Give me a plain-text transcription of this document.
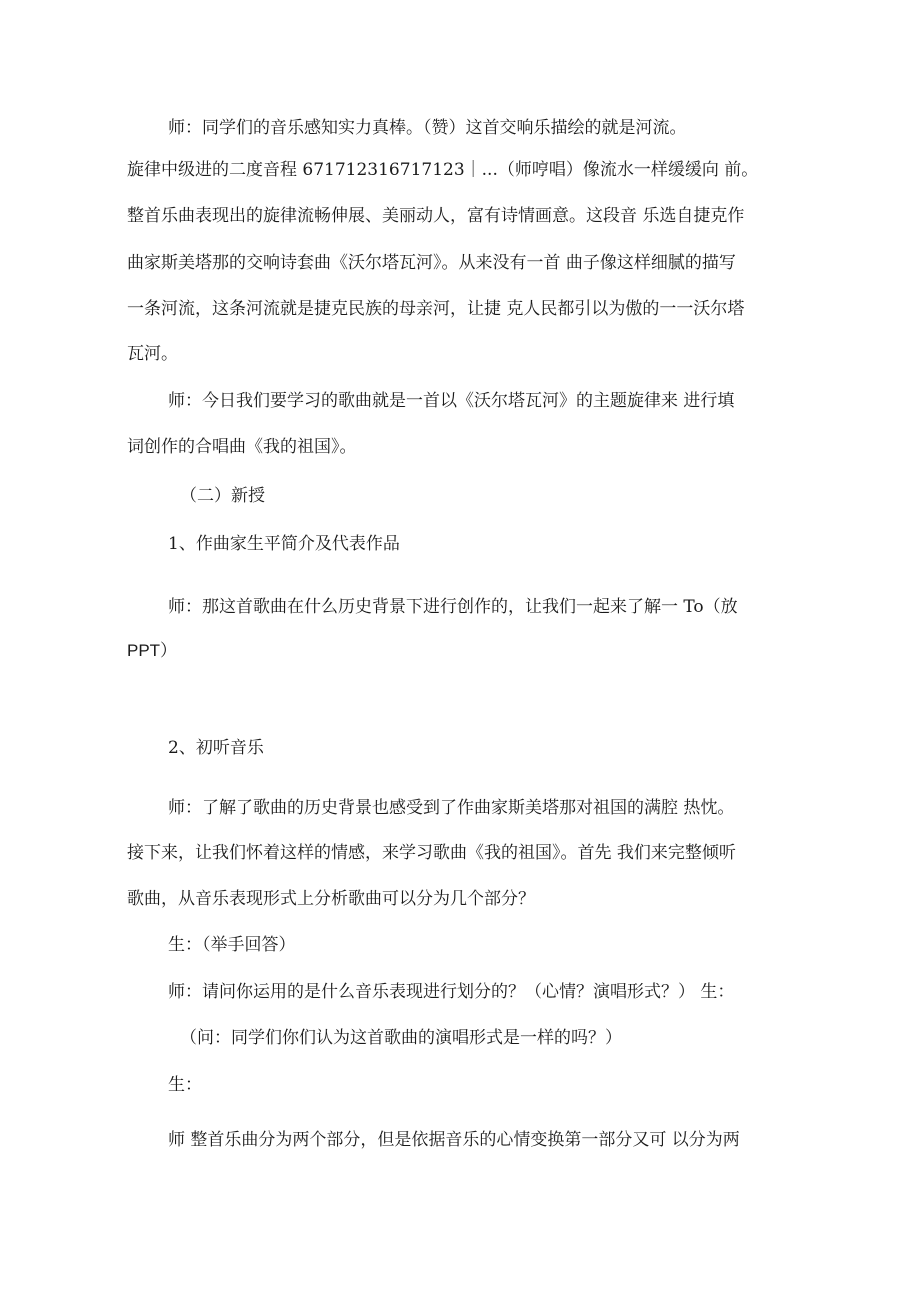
师：同学们的音乐感知实力真棒。（赞）这首交响乐描绘的就是河流。

旋律中级进的二度音程 671712316717123｜...（师哼唱）像流水一样缓缓向 前。

整首乐曲表现出的旋律流畅伸展、美丽动人，富有诗情画意。这段音 乐选自捷克作

曲家斯美塔那的交响诗套曲《沃尔塔瓦河》。从来没有一首 曲子像这样细腻的描写

一条河流，这条河流就是捷克民族的母亲河，让捷 克人民都引以为傲的一一沃尔塔

瓦河。

师：今日我们要学习的歌曲就是一首以《沃尔塔瓦河》的主题旋律来 进行填

词创作的合唱曲《我的祖国》。

（二）新授

1、作曲家生平简介及代表作品

师：那这首歌曲在什么历史背景下进行创作的，让我们一起来了解一 To（放

PPT）

2、初听音乐

师：了解了歌曲的历史背景也感受到了作曲家斯美塔那对祖国的满腔 热忱。

接下来，让我们怀着这样的情感，来学习歌曲《我的祖国》。首先 我们来完整倾听

歌曲，从音乐表现形式上分析歌曲可以分为几个部分？

生：（举手回答）

师：请问你运用的是什么音乐表现进行划分的？（心情？演唱形式？） 生：

（问：同学们你们认为这首歌曲的演唱形式是一样的吗？）

生：

师 整首乐曲分为两个部分，但是依据音乐的心情变换第一部分又可 以分为两
